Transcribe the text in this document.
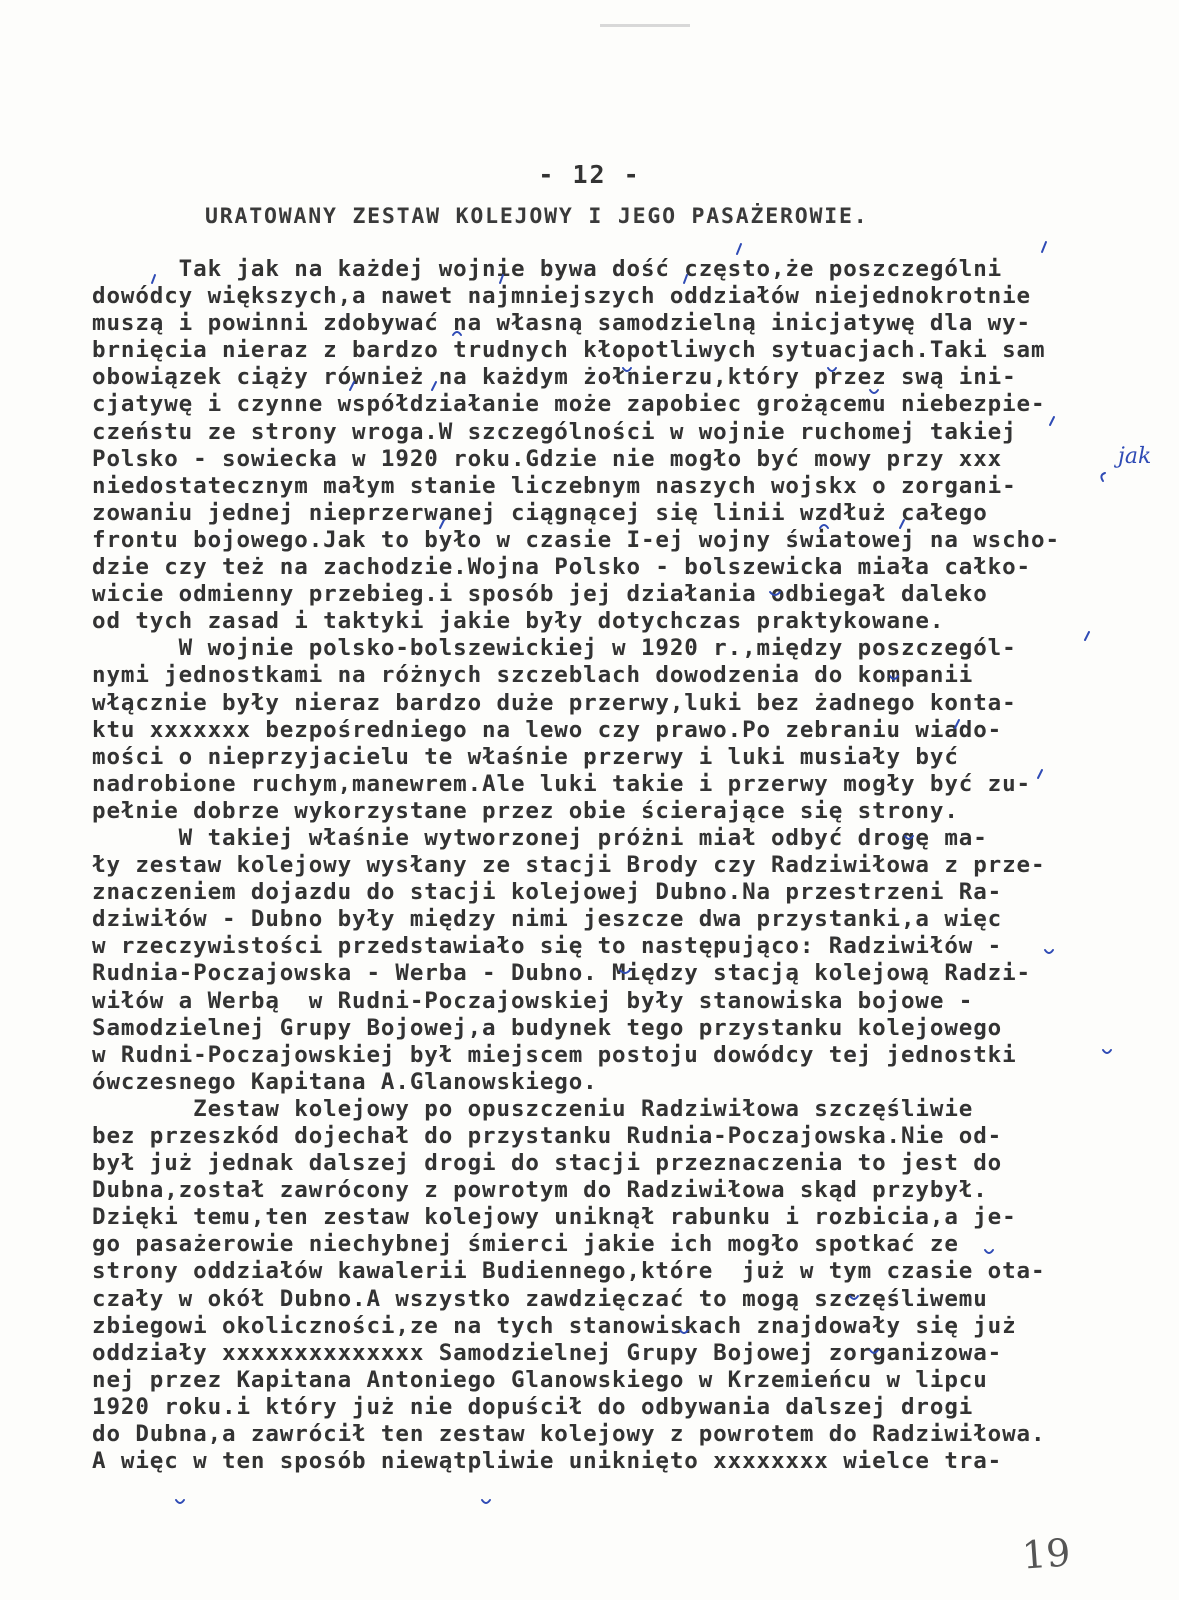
- 12 -
URATOWANY ZESTAW KOLEJOWY I JEGO PASAŻEROWIE.
Tak jak na każdej wojnie bywa dość często,że poszczególni
dowódcy większych,a nawet najmniejszych oddziałów niejednokrotnie
muszą i powinni zdobywać na własną samodzielną inicjatywę dla wy-
brnięcia nieraz z bardzo trudnych kłopotliwych sytuacjach.Taki sam
obowiązek ciąży również na każdym żołnierzu,który przez swą ini-
cjatywę i czynne współdziałanie może zapobiec grożącemu niebezpie-
czeństu ze strony wroga.W szczególności w wojnie ruchomej takiej
Polsko - sowiecka w 1920 roku.Gdzie nie mogło być mowy przy xxx
niedostatecznym małym stanie liczebnym naszych wojskx o zorgani-
zowaniu jednej nieprzerwanej ciągnącej się linii wzdłuż całego
frontu bojowego.Jak to było w czasie I-ej wojny światowej na wscho-
dzie czy też na zachodzie.Wojna Polsko - bolszewicka miała całko-
wicie odmienny przebieg.i sposób jej działania odbiegał daleko
od tych zasad i taktyki jakie były dotychczas praktykowane.
W wojnie polsko-bolszewickiej w 1920 r.,między poszczegól-
nymi jednostkami na różnych szczeblach dowodzenia do kompanii
włącznie były nieraz bardzo duże przerwy,luki bez żadnego konta-
ktu xxxxxxx bezpośredniego na lewo czy prawo.Po zebraniu wiado-
mości o nieprzyjacielu te właśnie przerwy i luki musiały być
nadrobione ruchym,manewrem.Ale luki takie i przerwy mogły być zu-
pełnie dobrze wykorzystane przez obie ścierające się strony.
W takiej właśnie wytworzonej próżni miał odbyć drogę ma-
ły zestaw kolejowy wysłany ze stacji Brody czy Radziwiłowa z prze-
znaczeniem dojazdu do stacji kolejowej Dubno.Na przestrzeni Ra-
dziwiłów - Dubno były między nimi jeszcze dwa przystanki,a więc
w rzeczywistości przedstawiało się to następująco: Radziwiłów -
Rudnia-Poczajowska - Werba - Dubno. Między stacją kolejową Radzi-
wiłów a Werbą  w Rudni-Poczajowskiej były stanowiska bojowe -
Samodzielnej Grupy Bojowej,a budynek tego przystanku kolejowego
w Rudni-Poczajowskiej był miejscem postoju dowódcy tej jednostki
ówczesnego Kapitana A.Glanowskiego.
Zestaw kolejowy po opuszczeniu Radziwiłowa szczęśliwie
bez przeszkód dojechał do przystanku Rudnia-Poczajowska.Nie od-
był już jednak dalszej drogi do stacji przeznaczenia to jest do
Dubna,został zawrócony z powrotym do Radziwiłowa skąd przybył.
Dzięki temu,ten zestaw kolejowy uniknął rabunku i rozbicia,a je-
go pasażerowie niechybnej śmierci jakie ich mogło spotkać ze
strony oddziałów kawalerii Budiennego,które  już w tym czasie ota-
czały w okół Dubno.A wszystko zawdzięczać to mogą szczęśliwemu
zbiegowi okoliczności,ze na tych stanowiskach znajdowały się już
oddziały xxxxxxxxxxxxxx Samodzielnej Grupy Bojowej zorganizowa-
nej przez Kapitana Antoniego Glanowskiego w Krzemieńcu w lipcu
1920 roku.i który już nie dopuścił do odbywania dalszej drogi
do Dubna,a zawrócił ten zestaw kolejowy z powrotem do Radziwiłowa.
A więc w ten sposób niewątpliwie uniknięto xxxxxxxx wielce tra-
jak
19
